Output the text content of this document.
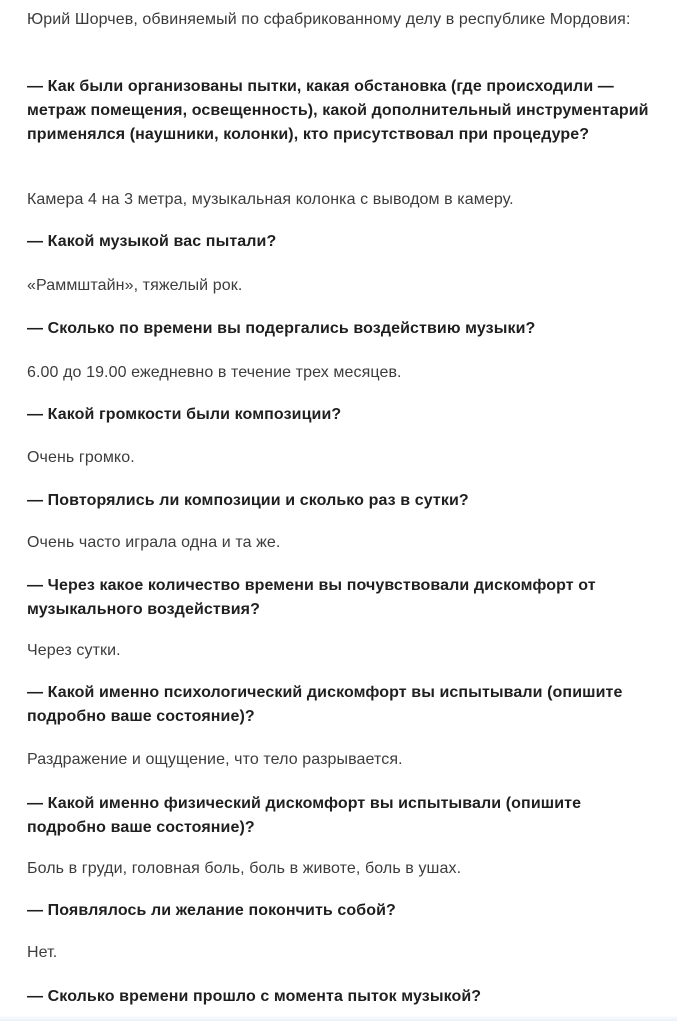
Юрий Шорчев, обвиняемый по сфабрикованному делу в республике Мордовия:

— Как были организованы пытки, какая обстановка (где происходили — метраж помещения, освещенность), какой дополнительный инструментарий применялся (наушники, колонки), кто присутствовал при процедуре?

Камера 4 на 3 метра, музыкальная колонка с выводом в камеру.

— Какой музыкой вас пытали?

«Раммштайн», тяжелый рок.

— Сколько по времени вы подергались воздействию музыки?

6.00 до 19.00 ежедневно в течение трех месяцев.

— Какой громкости были композиции?

Очень громко.

— Повторялись ли композиции и сколько раз в сутки?

Очень часто играла одна и та же.

— Через какое количество времени вы почувствовали дискомфорт от музыкального воздействия?

Через сутки.

— Какой именно психологический дискомфорт вы испытывали (опишите подробно ваше состояние)?

Раздражение и ощущение, что тело разрывается.

— Какой именно физический дискомфорт вы испытывали (опишите подробно ваше состояние)?

Боль в груди, головная боль, боль в животе, боль в ушах.

— Появлялось ли желание покончить собой?

Нет.

— Сколько времени прошло с момента пыток музыкой?
